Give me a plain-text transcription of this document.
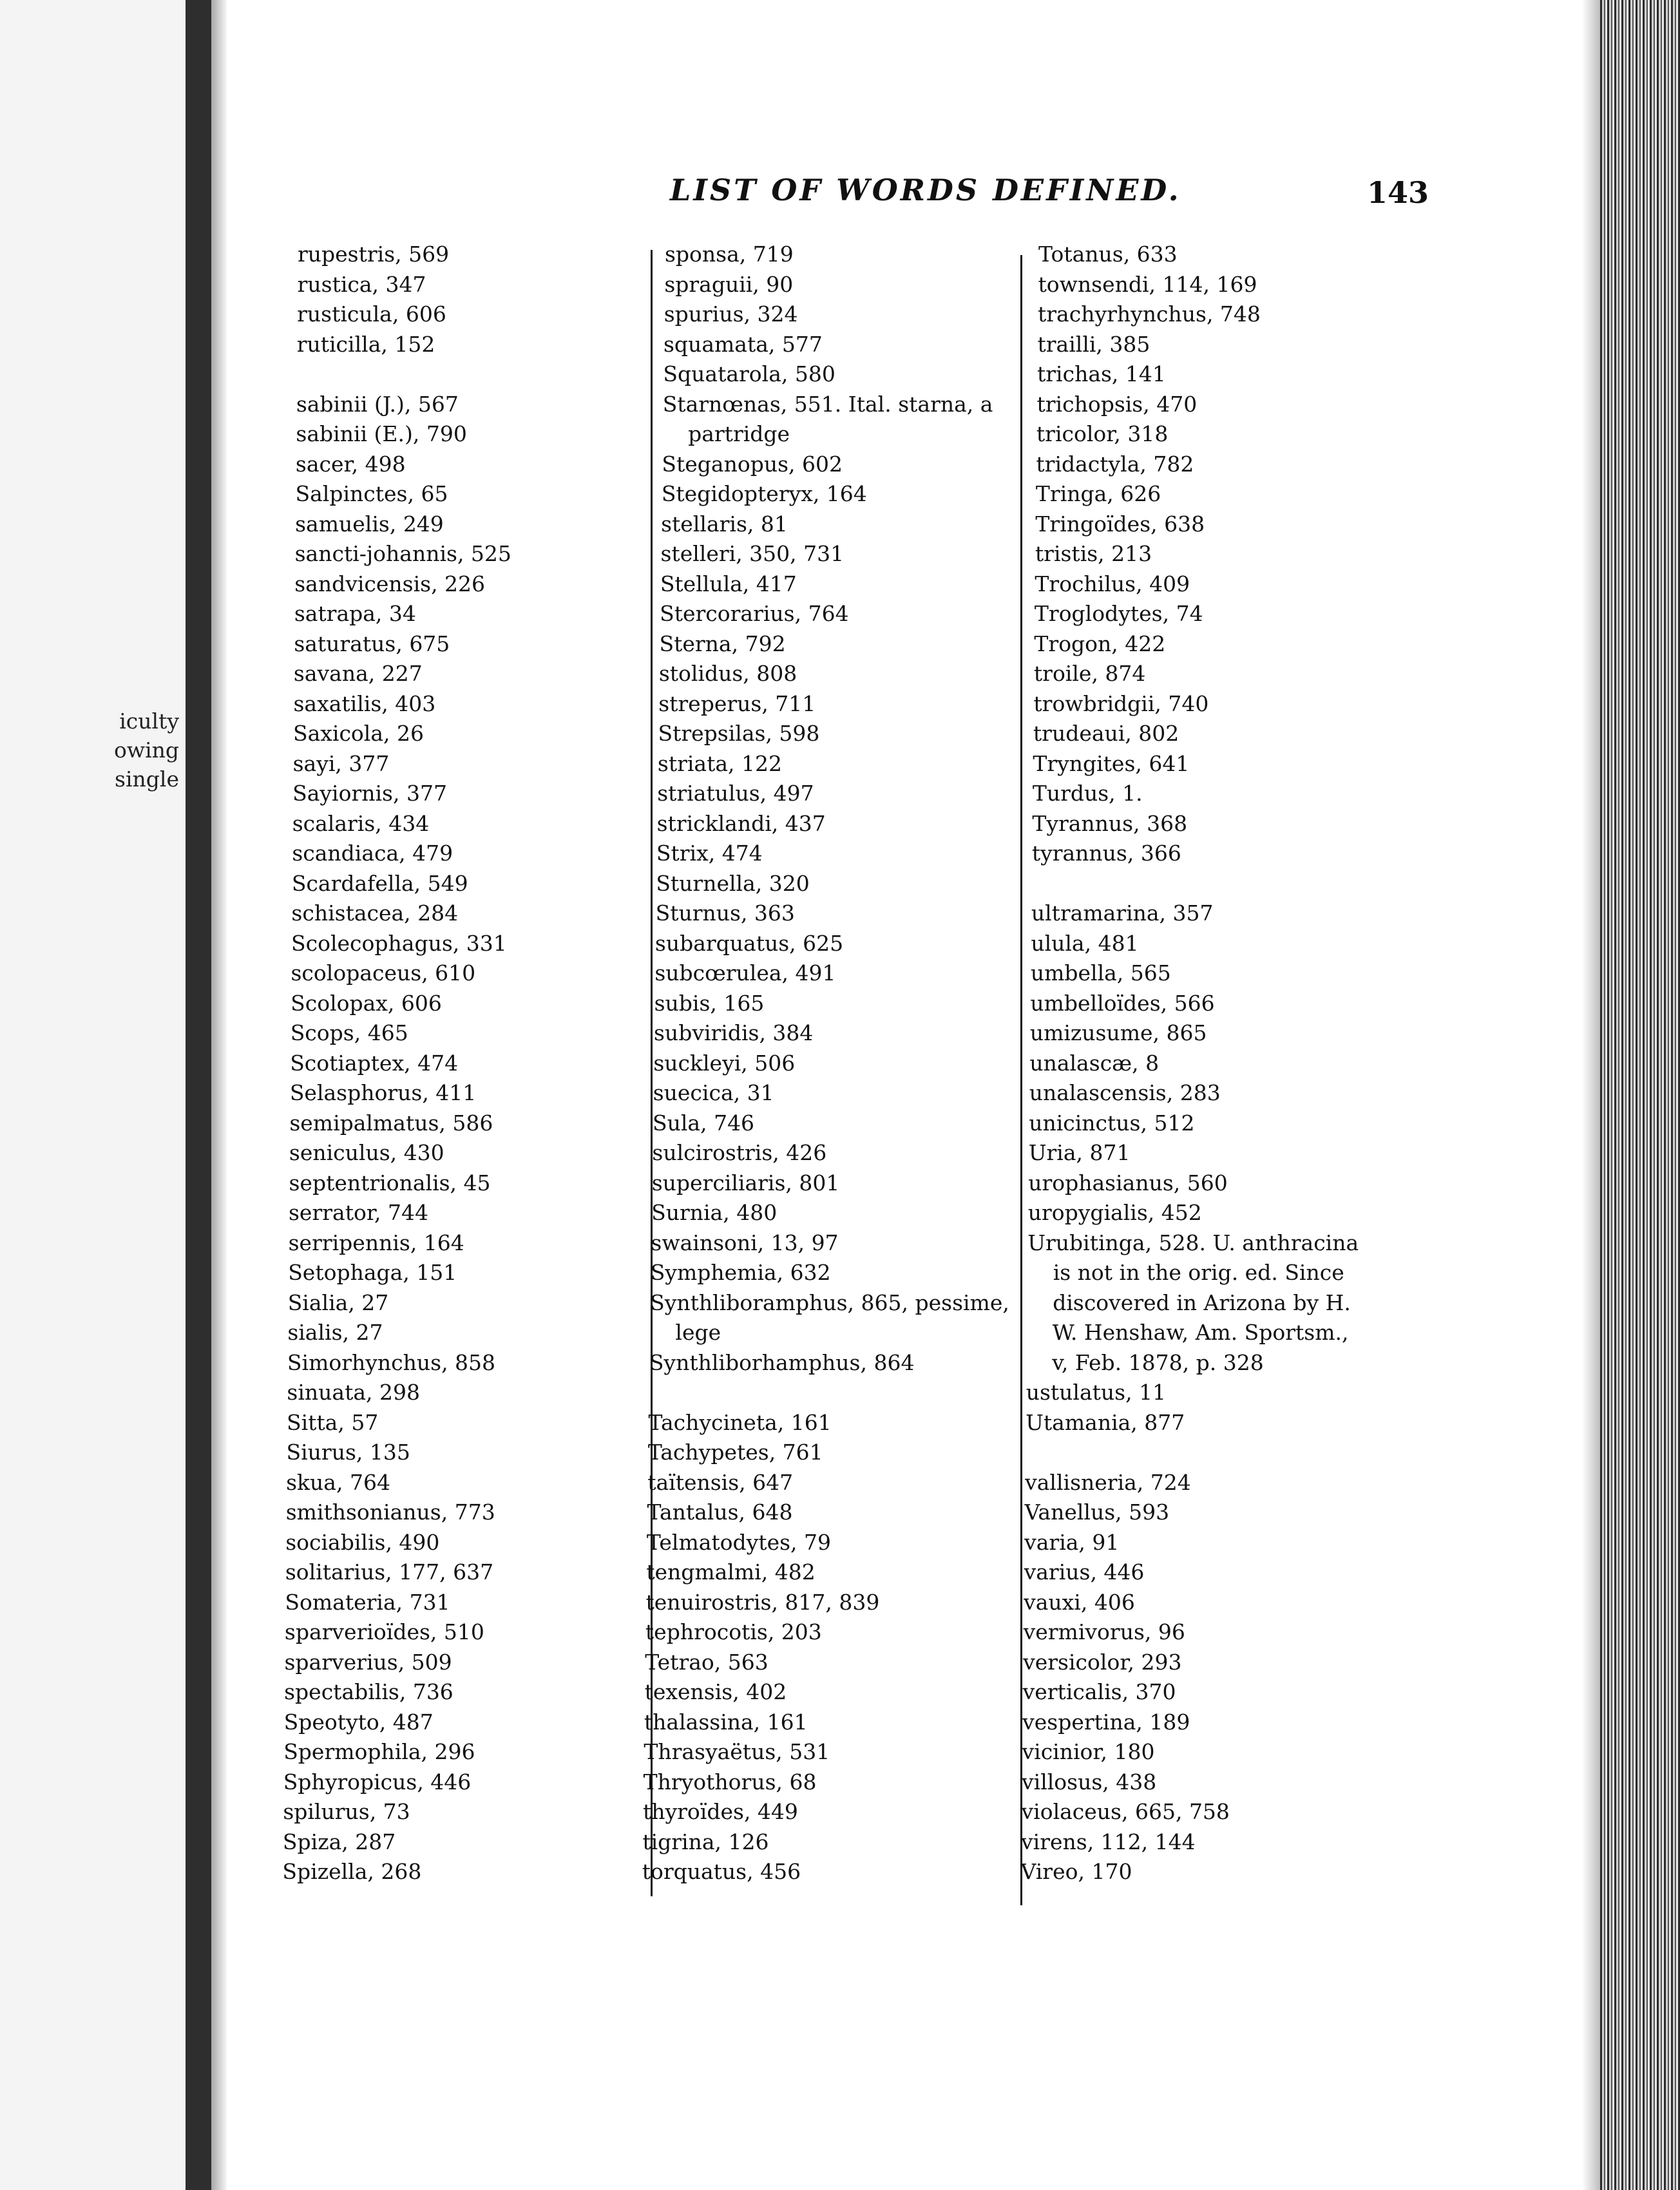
iculty
owing
single
LIST OF WORDS DEFINED.	143
rupestris, 569
rustica, 347
rusticula, 606
ruticilla, 152
sabinii (J.), 567
sabinii (E.), 790
sacer, 498
Salpinctes, 65
samuelis, 249
sancti-johannis, 525
sandvicensis, 226
satrapa, 34
saturatus, 675
savana, 227
saxatilis, 403
Saxicola, 26
sayi, 377
Sayiornis, 377
scalaris, 434
scandiaca, 479
Scardafella, 549
schistacea, 284
Scolecophagus, 331
scolopaceus, 610
Scolopax, 606
Scops, 465
Scotiaptex, 474
Selasphorus, 411
semipalmatus, 586
seniculus, 430
septentrionalis, 45
serrator, 744
serripennis, 164
Setophaga, 151
Sialia, 27
sialis, 27
Simorhynchus, 858
sinuata, 298
Sitta, 57
Siurus, 135
skua, 764
smithsonianus, 773
sociabilis, 490
solitarius, 177, 637
Somateria, 731
sparverioïdes, 510
sparverius, 509
spectabilis, 736
Speotyto, 487
Spermophila, 296
Sphyropicus, 446
spilurus, 73
Spiza, 287
Spizella, 268
sponsa, 719
spraguii, 90
spurius, 324
squamata, 577
Squatarola, 580
Starnœnas, 551. Ital. starna, a
partridge
Steganopus, 602
Stegidopteryx, 164
stellaris, 81
stelleri, 350, 731
Stellula, 417
Stercorarius, 764
Sterna, 792
stolidus, 808
streperus, 711
Strepsilas, 598
striata, 122
striatulus, 497
stricklandi, 437
Strix, 474
Sturnella, 320
Sturnus, 363
subarquatus, 625
subcœrulea, 491
subis, 165
subviridis, 384
suckleyi, 506
suecica, 31
Sula, 746
sulcirostris, 426
superciliaris, 801
Surnia, 480
swainsoni, 13, 97
Symphemia, 632
Synthliboramphus, 865, pessime,
lege
Synthliborhamphus, 864
Tachycineta, 161
Tachypetes, 761
taïtensis, 647
Tantalus, 648
Telmatodytes, 79
tengmalmi, 482
tenuirostris, 817, 839
tephrocotis, 203
Tetrao, 563
texensis, 402
thalassina, 161
Thrasyaëtus, 531
Thryothorus, 68
thyroïdes, 449
tigrina, 126
torquatus, 456
Totanus, 633
townsendi, 114, 169
trachyrhynchus, 748
trailli, 385
trichas, 141
trichopsis, 470
tricolor, 318
tridactyla, 782
Tringa, 626
Tringoïdes, 638
tristis, 213
Trochilus, 409
Troglodytes, 74
Trogon, 422
troile, 874
trowbridgii, 740
trudeaui, 802
Tryngites, 641
Turdus, 1.
Tyrannus, 368
tyrannus, 366
ultramarina, 357
ulula, 481
umbella, 565
umbelloïdes, 566
umizusume, 865
unalascæ, 8
unalascensis, 283
unicinctus, 512
Uria, 871
urophasianus, 560
uropygialis, 452
Urubitinga, 528. U. anthracina
is not in the orig. ed. Since
discovered in Arizona by H.
W. Henshaw, Am. Sportsm.,
v, Feb. 1878, p. 328
ustulatus, 11
Utamania, 877
vallisneria, 724
Vanellus, 593
varia, 91
varius, 446
vauxi, 406
vermivorus, 96
versicolor, 293
verticalis, 370
vespertina, 189
vicinior, 180
villosus, 438
violaceus, 665, 758
virens, 112, 144
Vireo, 170
